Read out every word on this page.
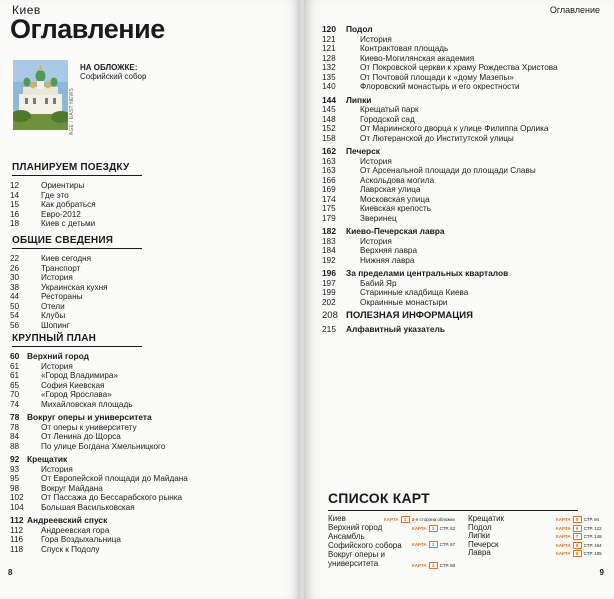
Киев
Оглавление
AGE / EAST NEWS
НА ОБЛОЖКЕ:
Софийский собор
ПЛАНИРУЕМ ПОЕЗДКУ
12	Ориентиры
14	Где это
15	Как добраться
16	Евро-2012
18	Киев с детьми
ОБЩИЕ СВЕДЕНИЯ
22	Киев сегодня
26	Транспорт
30	История
38	Украинская кухня
44	Рестораны
50	Отели
54	Клубы
56	Шопинг
КРУПНЫЙ ПЛАН
60 Верхний город
61	История
61	«Город Владимира»
65	София Киевская
70	«Город Ярослава»
74	Михайловская площадь
78 Вокруг оперы и университета
78	От оперы к университету
84	От Ленина до Щорса
88	По улице Богдана Хмельницкого
92 Крещатик
93	История
95	От Европейской площади до Майдана
98	Вокруг Майдана
102	От Пассажа до Бессарабского рынка
104	Большая Васильковская
112 Андреевский спуск
112	Андреевская гора
116	Гора Воздыхальница
118	Спуск к Подолу
8
Оглавление
120	Подол
121	История
121	Контрактовая площадь
128	Киево-Могилянская академия
132	От Покровской церкви к храму Рождества Христова
135	От Почтовой площади к «дому Мазепы»
140	Флоровский монастырь и его окрестности
144	Липки
145	Крещатый парк
148	Городской сад
152	От Мариинского дворца к улице Филиппа Орлика
158	От Лютеранской до Институтской улицы
162	Печерск
163	История
163	От Арсенальной площади до площади Славы
166	Аскольдова могила
169	Лаврская улица
174	Московская улица
175	Киевская крепость
179	Зверинец
182	Киево-Печерская лавра
183	История
184	Верхняя лавра
192	Нижняя лавра
196	За пределами центральных кварталов
197	Бабий Яр
199	Старинные кладбища Киева
202	Окраинные монастыри
208 ПОЛЕЗНАЯ ИНФОРМАЦИЯ
215	Алфавитный указатель
СПИСОК КАРТ
Киев	КАРТА	1	2-я сторона обложки
Верхний город	КАРТА	2	СТР. 62
Ансамбль Софийского собора	КАРТА	3	СТР. 67
Вокруг оперы и университета	КАРТА	4	СТР. 80
Крещатик	КАРТА	5	СТР. 94
Подол	КАРТА	6	СТР. 122
Липки	КАРТА	7	СТР. 148
Печерск	КАРТА	8	СТР. 164
Лавра	КАРТА	9	СТР. 185
9
